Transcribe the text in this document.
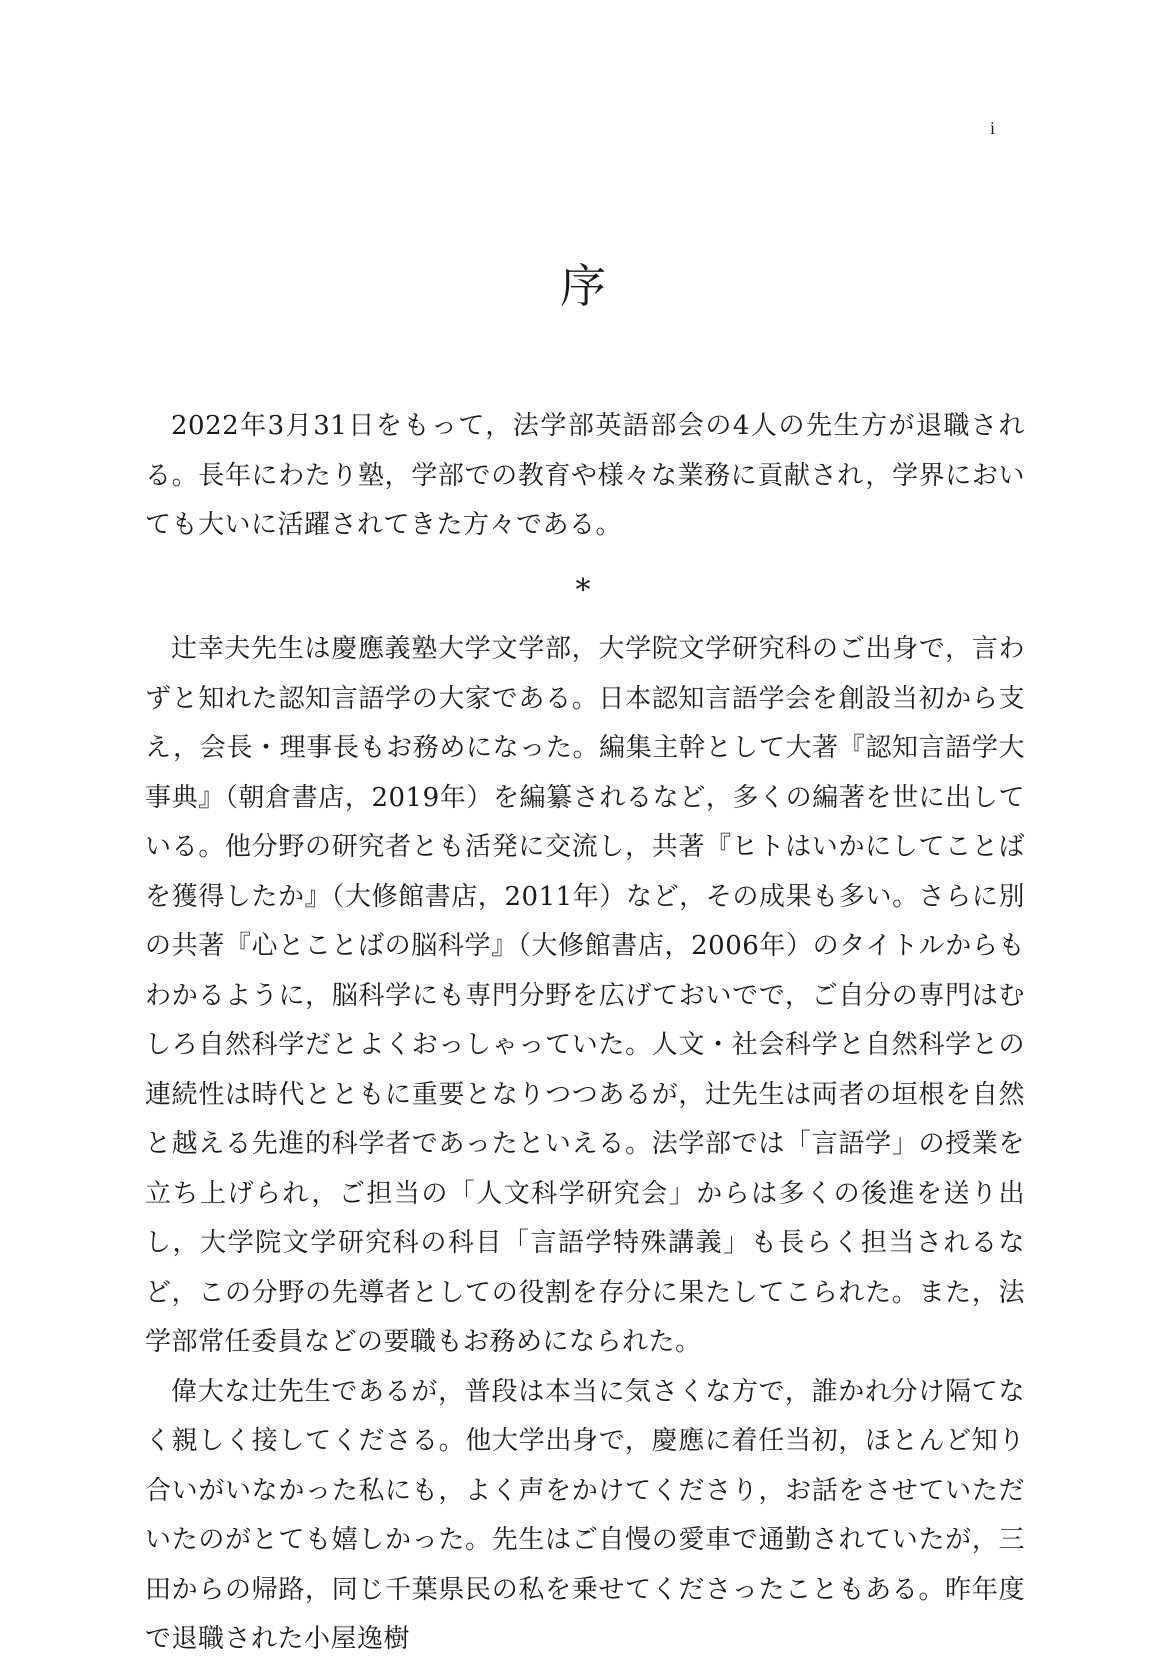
i
序

2022年3月31日をもって，法学部英語部会の4人の先生方が退職される。長年にわたり塾，学部での教育や様々な業務に貢献され，学界においても大いに活躍されてきた方々である。

*

辻幸夫先生は慶應義塾大学文学部，大学院文学研究科のご出身で，言わずと知れた認知言語学の大家である。日本認知言語学会を創設当初から支え，会長・理事長もお務めになった。編集主幹として大著『認知言語学大事典』（朝倉書店，2019年）を編纂されるなど，多くの編著を世に出している。他分野の研究者とも活発に交流し，共著『ヒトはいかにしてことばを獲得したか』（大修館書店，2011年）など，その成果も多い。さらに別の共著『心とことばの脳科学』（大修館書店，2006年）のタイトルからもわかるように，脳科学にも専門分野を広げておいでで，ご自分の専門はむしろ自然科学だとよくおっしゃっていた。人文・社会科学と自然科学との連続性は時代とともに重要となりつつあるが，辻先生は両者の垣根を自然と越える先進的科学者であったといえる。法学部では「言語学」の授業を立ち上げられ，ご担当の「人文科学研究会」からは多くの後進を送り出し，大学院文学研究科の科目「言語学特殊講義」も長らく担当されるなど，この分野の先導者としての役割を存分に果たしてこられた。また，法学部常任委員などの要職もお務めになられた。

偉大な辻先生であるが，普段は本当に気さくな方で，誰かれ分け隔てなく親しく接してくださる。他大学出身で，慶應に着任当初，ほとんど知り合いがいなかった私にも，よく声をかけてくださり，お話をさせていただいたのがとても嬉しかった。先生はご自慢の愛車で通勤されていたが，三田からの帰路，同じ千葉県民の私を乗せてくださったこともある。昨年度で退職された小屋逸樹
